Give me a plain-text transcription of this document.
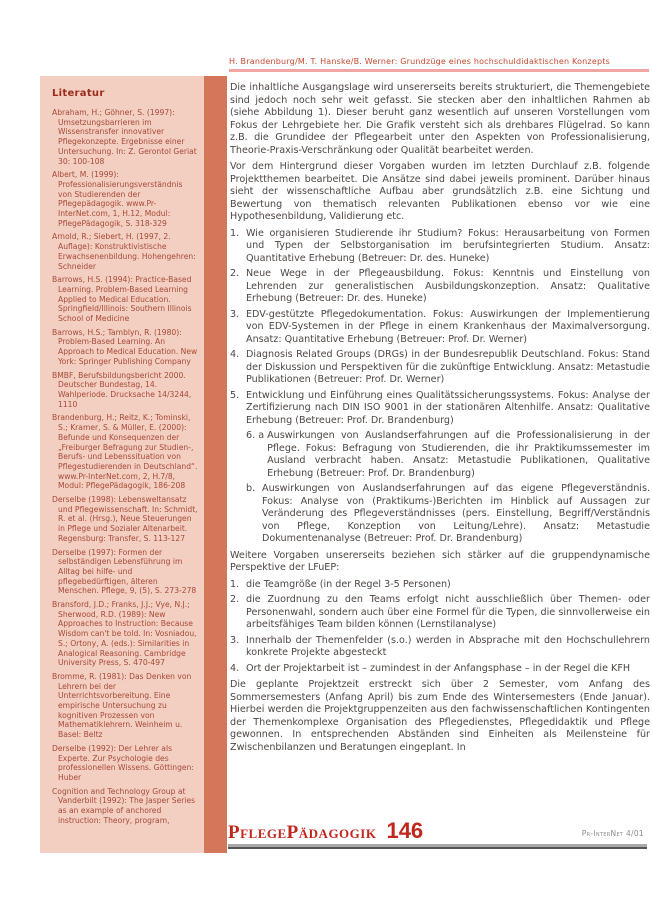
H. Brandenburg/M. T. Hanske/B. Werner: Grundzüge eines hochschuldidaktischen Konzepts
Literatur

Abraham, H.; Göhner, S. (1997): Umsetzungsbarrieren im Wissenstransfer innovativer Pflegekonzepte. Ergebnisse einer Untersuchung. In: Z. Gerontol Geriat 30: 100-108

Albert, M. (1999): Professionalisierungsverständnis von Studierenden der Pflegepädagogik. www.Pr-InterNet.com, 1, H.12, Modul: PflegePädagogik, S. 318-329

Arnold, R.; Siebert, H. (1997, 2. Auflage): Konstruktivistische Erwachsenenbildung. Hohengehren: Schneider

Barrows, H.S. (1994): Practice-Based Learning. Problem-Based Learning Applied to Medical Education. Springfield/Illinois: Southern Illinois School of Medicine

Barrows, H.S.; Tamblyn, R. (1980): Problem-Based Learning. An Approach to Medical Education. New York: Springer Publishing Company

BMBF, Berufsbildungsbericht 2000. Deutscher Bundestag, 14. Wahlperiode. Drucksache 14/3244, 1110

Brandenburg, H.; Reitz, K.; Tominski, S.; Kramer, S. & Müller, E. (2000): Befunde und Konsequenzen der „Freiburger Befragung zur Studien-, Berufs- und Lebenssituation von Pflegestudierenden in Deutschland“. www.Pr-InterNet.com, 2, H.7/8, Modul: PflegePädagogik, 186-208

Derselbe (1998): Lebensweltansatz und Pflegewissenschaft. In: Schmidt, R. et al. (Hrsg.), Neue Steuerungen in Pflege und Sozialer Altenarbeit. Regensburg: Transfer, S. 113-127

Derselbe (1997): Formen der selbständigen Lebensführung im Alltag bei hilfe- und pflegebedürftigen, älteren Menschen. Pflege, 9, (5), S. 273-278

Bransford, J.D.; Franks, J.J.; Vye, N.J.; Sherwood, R.D. (1989): New Approaches to Instruction: Because Wisdom can't be told. In: Vosniadou, S.; Ortony, A. (eds.): Similarities in Analogical Reasoning. Cambridge University Press, S. 470-497

Bromme, R. (1981): Das Denken von Lehrern bei der Unterrichtsvorbereitung. Eine empirische Untersuchung zu kognitiven Prozessen von Mathematiklehrern. Weinheim u. Basel: Beltz

Derselbe (1992): Der Lehrer als Experte. Zur Psychologie des professionellen Wissens. Göttingen: Huber

Cognition and Technology Group at Vanderbilt (1992): The Jasper Series as an example of anchored instruction: Theory, program,

Die inhaltliche Ausgangslage wird unsererseits bereits strukturiert, die Themengebiete sind jedoch noch sehr weit gefasst. Sie stecken aber den inhaltlichen Rahmen ab (siehe Abbildung 1). Dieser beruht ganz wesentlich auf unseren Vorstellungen vom Fokus der Lehrgebiete her. Die Grafik versteht sich als drehbares Flügelrad. So kann z.B. die Grundidee der Pflegearbeit unter den Aspekten von Professionalisierung, Theorie-Praxis-Verschränkung oder Qualität bearbeitet werden.

Vor dem Hintergrund dieser Vorgaben wurden im letzten Durchlauf z.B. folgende Projektthemen bearbeitet. Die Ansätze sind dabei jeweils prominent. Darüber hinaus sieht der wissenschaftliche Aufbau aber grundsätzlich z.B. eine Sichtung und Bewertung von thematisch relevanten Publikationen ebenso vor wie eine Hypothesenbildung, Validierung etc.

1. Wie organisieren Studierende ihr Studium? Fokus: Herausarbeitung von Formen und Typen der Selbstorganisation im berufsintegrierten Studium. Ansatz: Quantitative Erhebung (Betreuer: Dr. des. Huneke)
2. Neue Wege in der Pflegeausbildung. Fokus: Kenntnis und Einstellung von Lehrenden zur generalistischen Ausbildungskonzeption. Ansatz: Qualitative Erhebung (Betreuer: Dr. des. Huneke)
3. EDV-gestützte Pflegedokumentation. Fokus: Auswirkungen der Implementierung von EDV-Systemen in der Pflege in einem Krankenhaus der Maximalversorgung. Ansatz: Quantitative Erhebung (Betreuer: Prof. Dr. Werner)
4. Diagnosis Related Groups (DRGs) in der Bundesrepublik Deutschland. Fokus: Stand der Diskussion und Perspektiven für die zukünftige Entwicklung. Ansatz: Metastudie Publikationen (Betreuer: Prof. Dr. Werner)
5. Entwicklung und Einführung eines Qualitätssicherungssystems. Fokus: Analyse der Zertifizierung nach DIN ISO 9001 in der stationären Altenhilfe. Ansatz: Qualitative Erhebung (Betreuer: Prof. Dr. Brandenburg)
6. a Auswirkungen von Auslandserfahrungen auf die Professionalisierung in der Pflege. Fokus: Befragung von Studierenden, die ihr Praktikumssemester im Ausland verbracht haben. Ansatz: Metastudie Publikationen, Qualitative Erhebung (Betreuer: Prof. Dr. Brandenburg)
b. Auswirkungen von Auslandserfahrungen auf das eigene Pflegeverständnis. Fokus: Analyse von (Praktikums-)Berichten im Hinblick auf Aussagen zur Veränderung des Pflegeverständnisses (pers. Einstellung, Begriff/Verständnis von Pflege, Konzeption von Leitung/Lehre). Ansatz: Metastudie Dokumentenanalyse (Betreuer: Prof. Dr. Brandenburg)

Weitere Vorgaben unsererseits beziehen sich stärker auf die gruppendynamische Perspektive der LFuEP:

1. die Teamgröße (in der Regel 3-5 Personen)
2. die Zuordnung zu den Teams erfolgt nicht ausschließlich über Themen- oder Personenwahl, sondern auch über eine Formel für die Typen, die sinnvollerweise ein arbeitsfähiges Team bilden können (Lernstilanalyse)
3. Innerhalb der Themenfelder (s.o.) werden in Absprache mit den Hochschullehrern konkrete Projekte abgesteckt
4. Ort der Projektarbeit ist – zumindest in der Anfangsphase – in der Regel die KFH

Die geplante Projektzeit erstreckt sich über 2 Semester, vom Anfang des Sommersemesters (Anfang April) bis zum Ende des Wintersemesters (Ende Januar). Hierbei werden die Projektgruppenzeiten aus den fachwissenschaftlichen Kontingenten der Themenkomplexe Organisation des Pflegedienstes, Pflegedidaktik und Pflege gewonnen. In entsprechenden Abständen sind Einheiten als Meilensteine für Zwischenbilanzen und Beratungen eingeplant. In

PflegePädagogik 146	Pr-InterNet 4/01
